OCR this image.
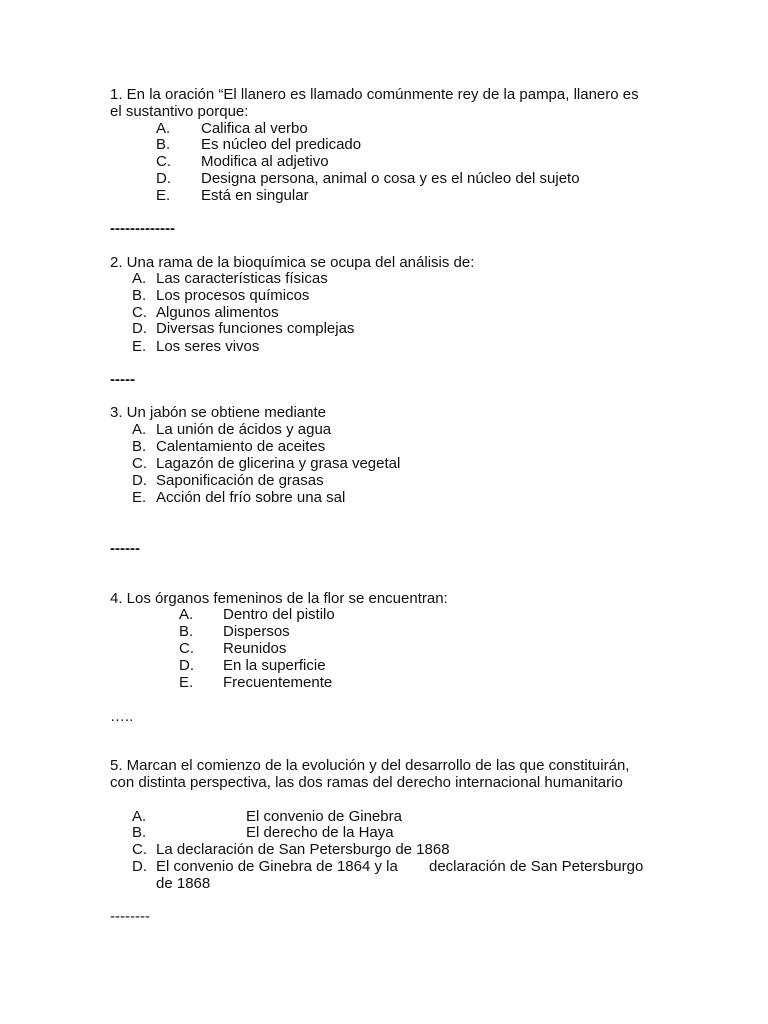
1. En la oración “El llanero es llamado comúnmente rey de la pampa, llanero es
el sustantivo porque:
A. Califica al verbo
B. Es núcleo del predicado
C. Modifica al adjetivo
D. Designa persona, animal o cosa y es el núcleo del sujeto
E. Está en singular
-------------
2. Una rama de la bioquímica se ocupa del análisis de:
A. Las características físicas
B. Los procesos químicos
C. Algunos alimentos
D. Diversas funciones complejas
E. Los seres vivos
-----
3. Un jabón se obtiene mediante
A. La unión de ácidos y agua
B. Calentamiento de aceites
C. Lagazón de glicerina y grasa vegetal
D. Saponificación de grasas
E. Acción del frío sobre una sal
------
4. Los órganos femeninos de la flor se encuentran:
A. Dentro del pistilo
B. Dispersos
C. Reunidos
D. En la superficie
E. Frecuentemente
…..
5. Marcan el comienzo de la evolución y del desarrollo de las que constituirán,
con distinta perspectiva, las dos ramas del derecho internacional humanitario
A.	El convenio de Ginebra
B.	El derecho de la Haya
C. La declaración de San Petersburgo de 1868
D. El convenio de Ginebra de 1864 y la declaración de San Petersburgo
de 1868
--------
